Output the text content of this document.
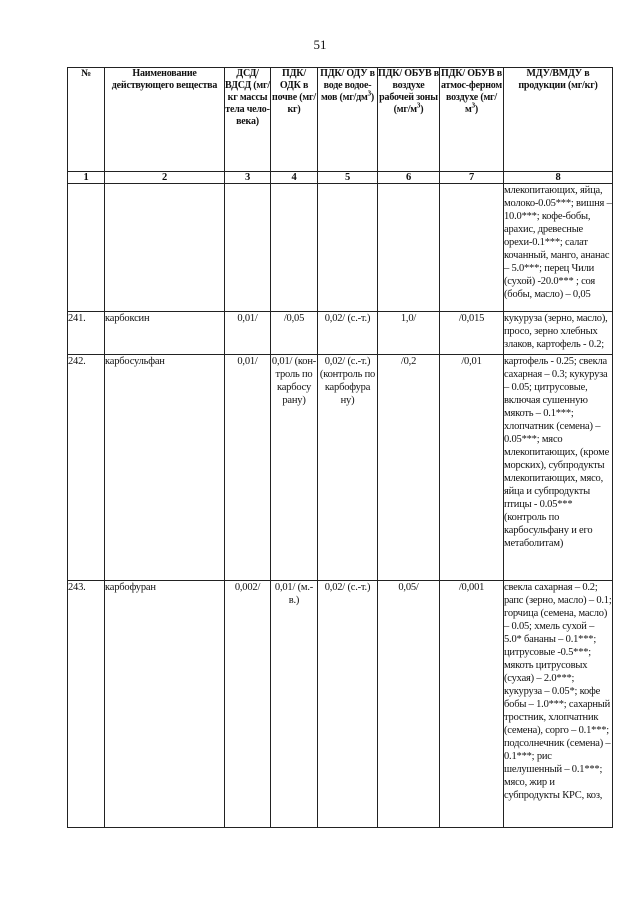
51
№	Наименование действующего вещества	ДСД/ ВДСД (мг/кг массы тела чело-века)	ПДК/ ОДК в почве (мг/кг)	ПДК/ ОДУ в воде водое-мов $(мг/дм^3)$	ПДК/ ОБУВ в воздухе рабочей зоны $(мг/м^3)$	ПДК/ ОБУВ в атмос-ферном воздухе $(мг/м^3)$	МДУ/ВМДУ в продукции (мг/кг)
1	2	3	4	5	6	7	8
							млекопитающих, яйца, молоко-0.05***; вишня – 10.0***; кофе-бобы, арахис, древесные орехи-0.1***; салат кочанный, манго, ананас – 5.0***; перец Чили (сухой) -20.0*** ; соя (бобы, масло) – 0,05
241.	карбоксин	0,01/	/0,05	0,02/ (с.-т.)	1,0/	/0,015	кукуруза (зерно, масло), просо, зерно хлебных злаков, картофель - 0.2;
242.	карбосульфан	0,01/	0,01/ (кон-троль по карбосу рану)	0,02/ (с.-т.) (контроль по карбофура ну)	/0,2	/0,01	картофель - 0.25; свекла сахарная – 0.3; кукуруза – 0.05; цитрусовые, включая сушенную мякоть – 0.1***; хлопчатник (семена) – 0.05***; мясо млекопитающих, (кроме морских), субпродукты млекопитающих, мясо, яйца и субпродукты птицы - 0.05***(контроль по карбосульфану и его метаболитам)
243.	карбофуран	0,002/	0,01/ (м.-в.)	0,02/ (с.-т.)	0,05/	/0,001	свекла сахарная – 0.2; рапс (зерно, масло) – 0.1; горчица (семена, масло) – 0.05; хмель сухой – 5.0* бананы – 0.1***; цитрусовые -0.5***; мякоть цитрусовых (сухая) – 2.0***; кукуруза – 0.05*; кофе бобы – 1.0***; сахарный тростник, хлопчатник (семена), сорго – 0.1***; подсолнечник (семена) – 0.1***; рис шелушенный – 0.1***; мясо, жир и субпродукты КРС, коз,
